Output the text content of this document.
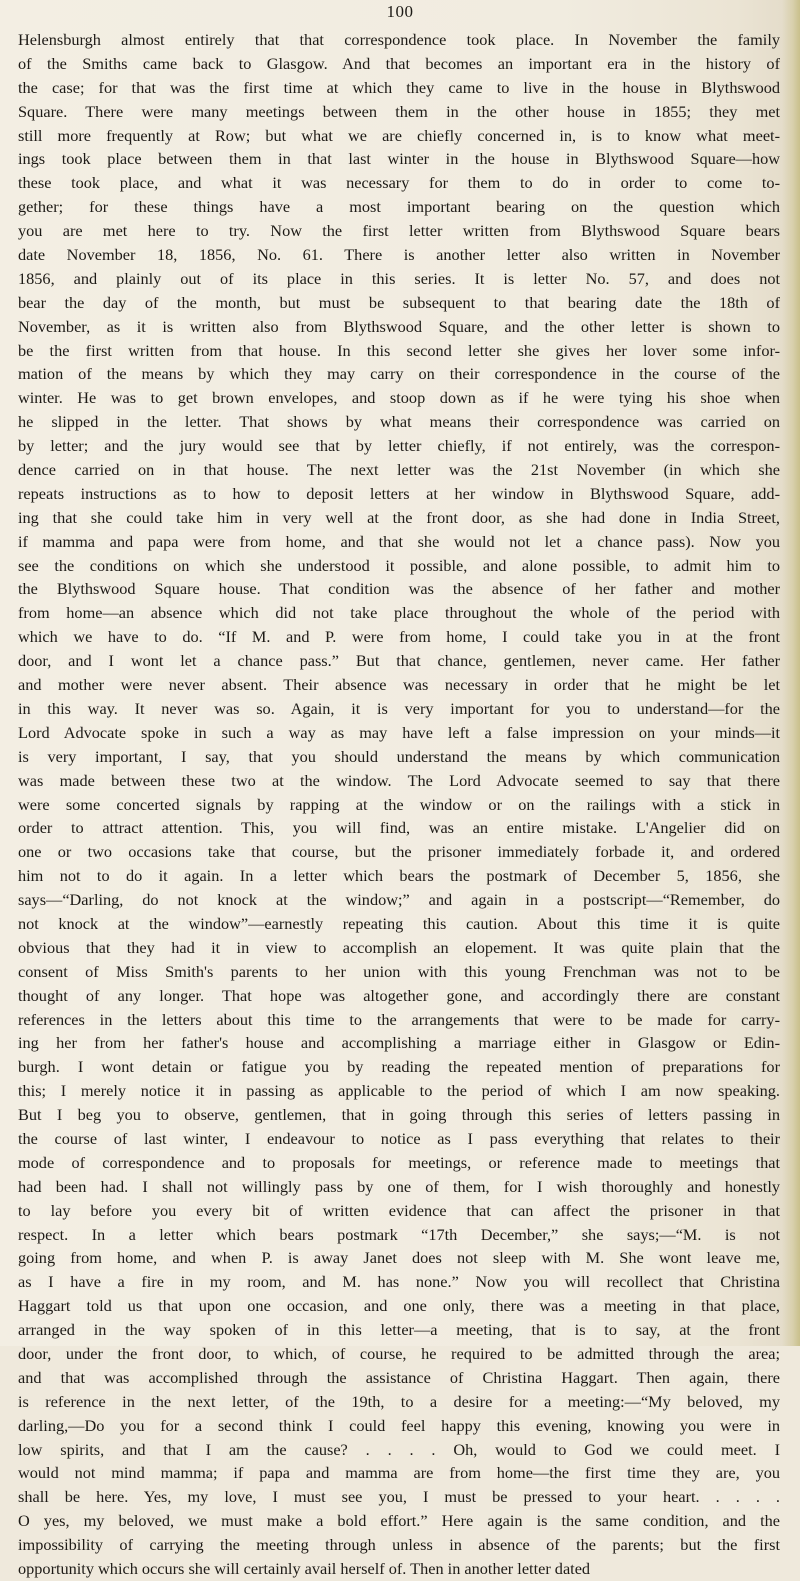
100
Helensburgh almost entirely that that correspondence took place. In November the family
of the Smiths came back to Glasgow. And that becomes an important era in the history of
the case; for that was the first time at which they came to live in the house in Blythswood
Square. There were many meetings between them in the other house in 1855; they met
still more frequently at Row; but what we are chiefly concerned in, is to know what meet-
ings took place between them in that last winter in the house in Blythswood Square—how
these took place, and what it was necessary for them to do in order to come to-
gether; for these things have a most important bearing on the question which
you are met here to try. Now the first letter written from Blythswood Square bears
date November 18, 1856, No. 61. There is another letter also written in November
1856, and plainly out of its place in this series. It is letter No. 57, and does not
bear the day of the month, but must be subsequent to that bearing date the 18th of
November, as it is written also from Blythswood Square, and the other letter is shown to
be the first written from that house. In this second letter she gives her lover some infor-
mation of the means by which they may carry on their correspondence in the course of the
winter. He was to get brown envelopes, and stoop down as if he were tying his shoe when
he slipped in the letter. That shows by what means their correspondence was carried on
by letter; and the jury would see that by letter chiefly, if not entirely, was the correspon-
dence carried on in that house. The next letter was the 21st November (in which she
repeats instructions as to how to deposit letters at her window in Blythswood Square, add-
ing that she could take him in very well at the front door, as she had done in India Street,
if mamma and papa were from home, and that she would not let a chance pass). Now you
see the conditions on which she understood it possible, and alone possible, to admit him to
the Blythswood Square house. That condition was the absence of her father and mother
from home—an absence which did not take place throughout the whole of the period with
which we have to do. “If M. and P. were from home, I could take you in at the front
door, and I wont let a chance pass.” But that chance, gentlemen, never came. Her father
and mother were never absent. Their absence was necessary in order that he might be let
in this way. It never was so. Again, it is very important for you to understand—for the
Lord Advocate spoke in such a way as may have left a false impression on your minds—it
is very important, I say, that you should understand the means by which communication
was made between these two at the window. The Lord Advocate seemed to say that there
were some concerted signals by rapping at the window or on the railings with a stick in
order to attract attention. This, you will find, was an entire mistake. L'Angelier did on
one or two occasions take that course, but the prisoner immediately forbade it, and ordered
him not to do it again. In a letter which bears the postmark of December 5, 1856, she
says—“Darling, do not knock at the window;” and again in a postscript—“Remember, do
not knock at the window”—earnestly repeating this caution. About this time it is quite
obvious that they had it in view to accomplish an elopement. It was quite plain that the
consent of Miss Smith's parents to her union with this young Frenchman was not to be
thought of any longer. That hope was altogether gone, and accordingly there are constant
references in the letters about this time to the arrangements that were to be made for carry-
ing her from her father's house and accomplishing a marriage either in Glasgow or Edin-
burgh. I wont detain or fatigue you by reading the repeated mention of preparations for
this; I merely notice it in passing as applicable to the period of which I am now speaking.
But I beg you to observe, gentlemen, that in going through this series of letters passing in
the course of last winter, I endeavour to notice as I pass everything that relates to their
mode of correspondence and to proposals for meetings, or reference made to meetings that
had been had. I shall not willingly pass by one of them, for I wish thoroughly and honestly
to lay before you every bit of written evidence that can affect the prisoner in that
respect. In a letter which bears postmark “17th December,” she says;—“M. is not
going from home, and when P. is away Janet does not sleep with M. She wont leave me,
as I have a fire in my room, and M. has none.” Now you will recollect that Christina
Haggart told us that upon one occasion, and one only, there was a meeting in that place,
arranged in the way spoken of in this letter—a meeting, that is to say, at the front
door, under the front door, to which, of course, he required to be admitted through the area;
and that was accomplished through the assistance of Christina Haggart. Then again, there
is reference in the next letter, of the 19th, to a desire for a meeting:—“My beloved, my
darling,—Do you for a second think I could feel happy this evening, knowing you were in
low spirits, and that I am the cause? . . . . Oh, would to God we could meet. I
would not mind mamma; if papa and mamma are from home—the first time they are, you
shall be here. Yes, my love, I must see you, I must be pressed to your heart. . . . .
O yes, my beloved, we must make a bold effort.” Here again is the same condition, and the
impossibility of carrying the meeting through unless in absence of the parents; but the first
opportunity which occurs she will certainly avail herself of. Then in another letter dated
